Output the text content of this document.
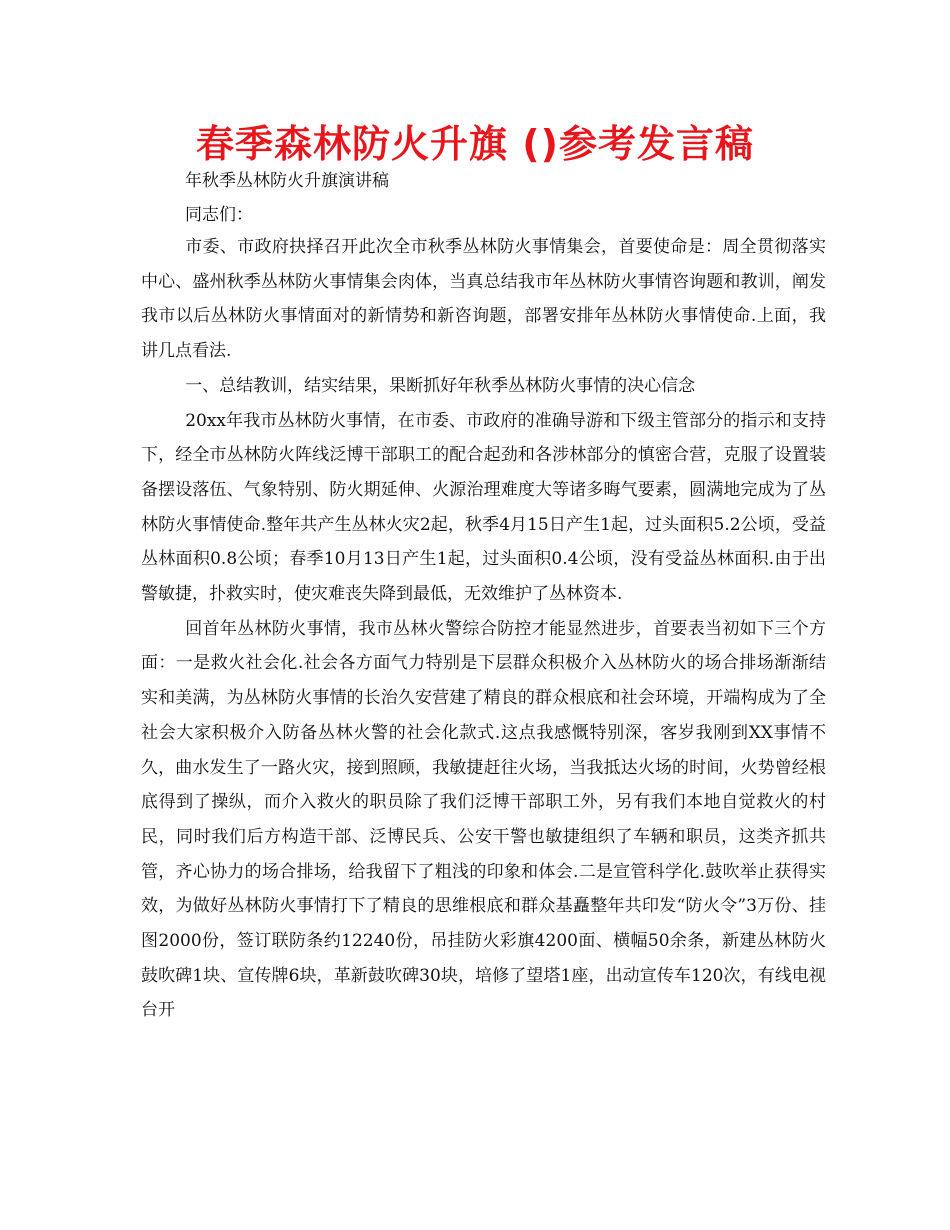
春季森林防火升旗 ()参考发言稿
年秋季丛林防火升旗演讲稿
同志们：

市委、市政府抉择召开此次全市秋季丛林防火事情集会，首要使命是：周全贯彻落实中心、盛州秋季丛林防火事情集会肉体，当真总结我市年丛林防火事情咨询题和教训，阐发我市以后丛林防火事情面对的新情势和新咨询题，部署安排年丛林防火事情使命.上面，我讲几点看法.

一、总结教训，结实结果，果断抓好年秋季丛林防火事情的决心信念

20xx年我市丛林防火事情，在市委、市政府的准确导游和下级主管部分的指示和支持下，经全市丛林防火阵线泛博干部职工的配合起劲和各涉林部分的慎密合营，克服了设置装备摆设落伍、气象特别、防火期延伸、火源治理难度大等诸多晦气要素，圆满地完成为了丛林防火事情使命.整年共产生丛林火灾2起，秋季4月15日产生1起，过头面积5.2公顷，受益丛林面积0.8公顷；春季10月13日产生1起，过头面积0.4公顷，没有受益丛林面积.由于出警敏捷，扑救实时，使灾难丧失降到最低，无效维护了丛林资本.

回首年丛林防火事情，我市丛林火警综合防控才能显然进步，首要表当初如下三个方面：一是救火社会化.社会各方面气力特别是下层群众积极介入丛林防火的场合排场渐渐结实和美满，为丛林防火事情的长治久安营建了精良的群众根底和社会环境，开端构成为了全社会大家积极介入防备丛林火警的社会化款式.这点我感慨特别深，客岁我刚到XX事情不久，曲水发生了一路火灾，接到照顾，我敏捷赶往火场，当我抵达火场的时间，火势曾经根底得到了操纵，而介入救火的职员除了我们泛博干部职工外，另有我们本地自觉救火的村民，同时我们后方构造干部、泛博民兵、公安干警也敏捷组织了车辆和职员，这类齐抓共管，齐心协力的场合排场，给我留下了粗浅的印象和体会.二是宣管科学化.鼓吹举止获得实效，为做好丛林防火事情打下了精良的思维根底和群众基矗整年共印发“防火令”3万份、挂图2000份，签订联防条约12240份，吊挂防火彩旗4200面、横幅50余条，新建丛林防火鼓吹碑1块、宣传牌6块，革新鼓吹碑30块，培修了望塔1座，出动宣传车120次，有线电视台开
